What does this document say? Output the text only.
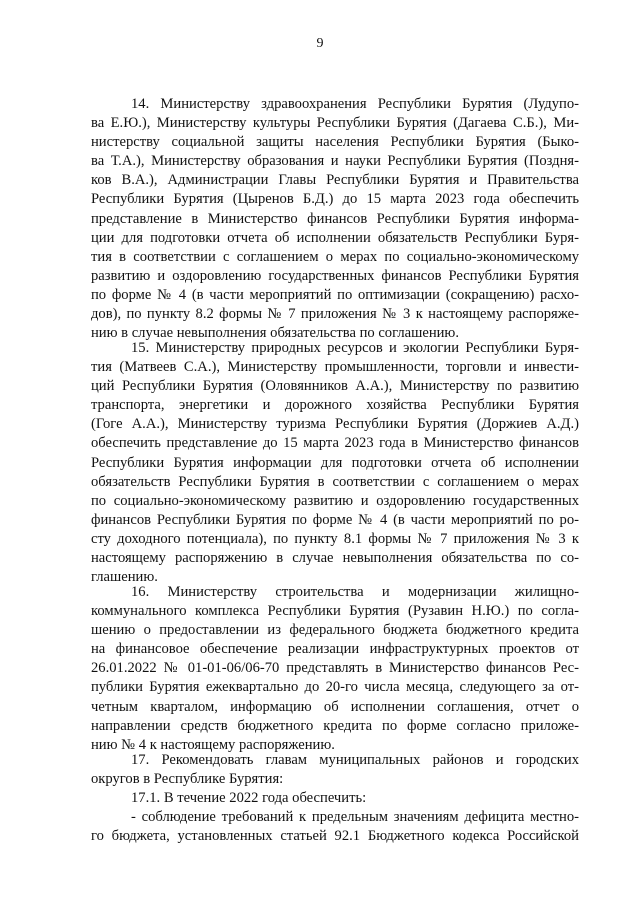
9
14. Министерству здравоохранения Республики Бурятия (Лудупо-
ва Е.Ю.), Министерству культуры Республики Бурятия (Дагаева С.Б.), Ми-
нистерству социальной защиты населения Республики Бурятия (Быко-
ва Т.А.), Министерству образования и науки Республики Бурятия (Поздня-
ков В.А.), Администрации Главы Республики Бурятия и Правительства
Республики Бурятия (Цыренов Б.Д.) до 15 марта 2023 года обеспечить
представление в Министерство финансов Республики Бурятия информа-
ции для подготовки отчета об исполнении обязательств Республики Буря-
тия в соответствии с соглашением о мерах по социально-экономическому
развитию и оздоровлению государственных финансов Республики Бурятия
по форме № 4 (в части мероприятий по оптимизации (сокращению) расхо-
дов), по пункту 8.2 формы № 7 приложения № 3 к настоящему распоряже-
нию в случае невыполнения обязательства по соглашению.
15. Министерству природных ресурсов и экологии Республики Буря-
тия (Матвеев С.А.), Министерству промышленности, торговли и инвести-
ций Республики Бурятия (Оловянников А.А.), Министерству по развитию
транспорта, энергетики и дорожного хозяйства Республики Бурятия
(Гоге А.А.), Министерству туризма Республики Бурятия (Доржиев А.Д.)
обеспечить представление до 15 марта 2023 года в Министерство финансов
Республики Бурятия информации для подготовки отчета об исполнении
обязательств Республики Бурятия в соответствии с соглашением о мерах
по социально-экономическому развитию и оздоровлению государственных
финансов Республики Бурятия по форме № 4 (в части мероприятий по ро-
сту доходного потенциала), по пункту 8.1 формы № 7 приложения № 3 к
настоящему распоряжению в случае невыполнения обязательства по со-
глашению.
16. Министерству строительства и модернизации жилищно-
коммунального комплекса Республики Бурятия (Рузавин Н.Ю.) по согла-
шению о предоставлении из федерального бюджета бюджетного кредита
на финансовое обеспечение реализации инфраструктурных проектов от
26.01.2022 № 01-01-06/06-70 представлять в Министерство финансов Рес-
публики Бурятия ежеквартально до 20-го числа месяца, следующего за от-
четным кварталом, информацию об исполнении соглашения, отчет о
направлении средств бюджетного кредита по форме согласно приложе-
нию № 4 к настоящему распоряжению.
17. Рекомендовать главам муниципальных районов и городских
округов в Республике Бурятия:
17.1. В течение 2022 года обеспечить:
- соблюдение требований к предельным значениям дефицита местно-
го бюджета, установленных статьей 92.1 Бюджетного кодекса Российской
